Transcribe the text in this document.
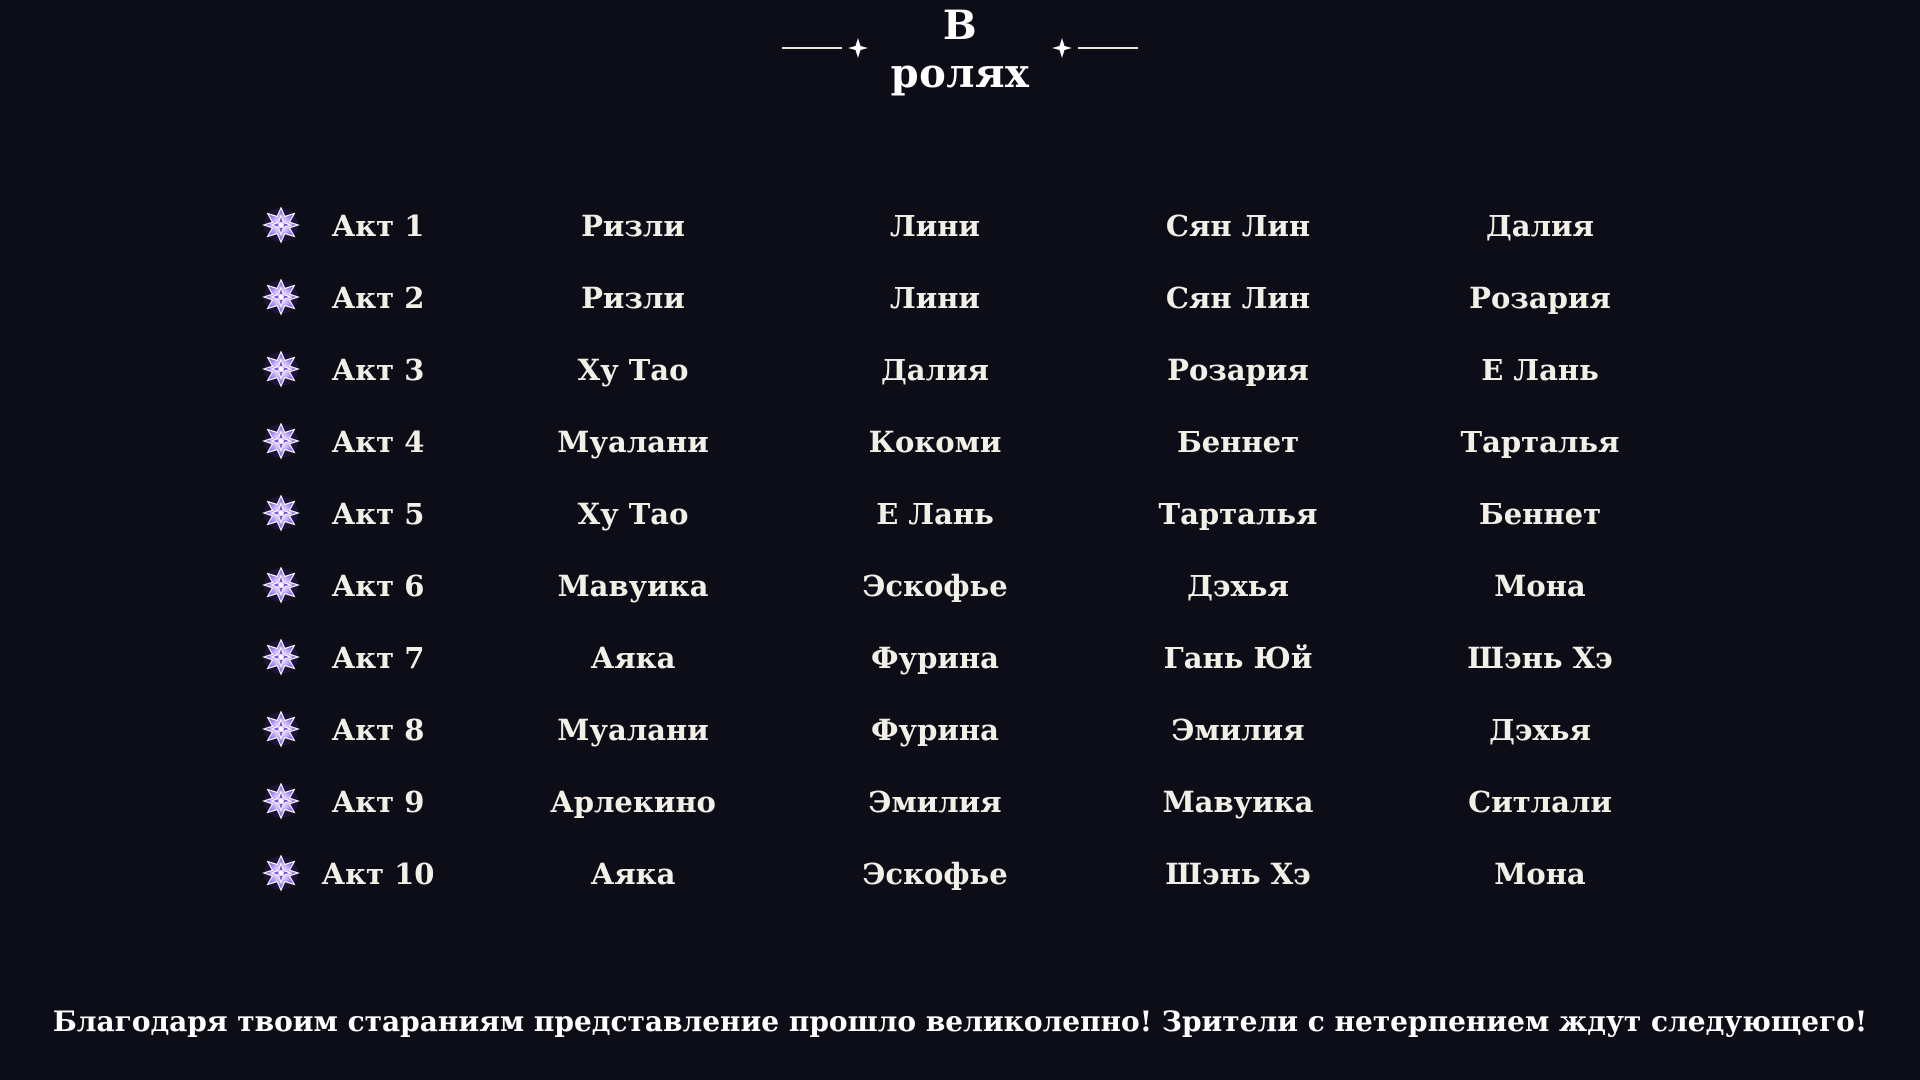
В
ролях
Акт 1	Ризли	Лини	Сян Лин	Далия
Акт 2	Ризли	Лини	Сян Лин	Розария
Акт 3	Ху Тао	Далия	Розария	Е Лань
Акт 4	Муалани	Кокоми	Беннет	Тарталья
Акт 5	Ху Тао	Е Лань	Тарталья	Беннет
Акт 6	Мавуика	Эскофье	Дэхья	Мона
Акт 7	Аяка	Фурина	Гань Юй	Шэнь Хэ
Акт 8	Муалани	Фурина	Эмилия	Дэхья
Акт 9	Арлекино	Эмилия	Мавуика	Ситлали
Акт 10	Аяка	Эскофье	Шэнь Хэ	Мона
Благодаря твоим стараниям представление прошло великолепно! Зрители с нетерпением ждут следующего!
